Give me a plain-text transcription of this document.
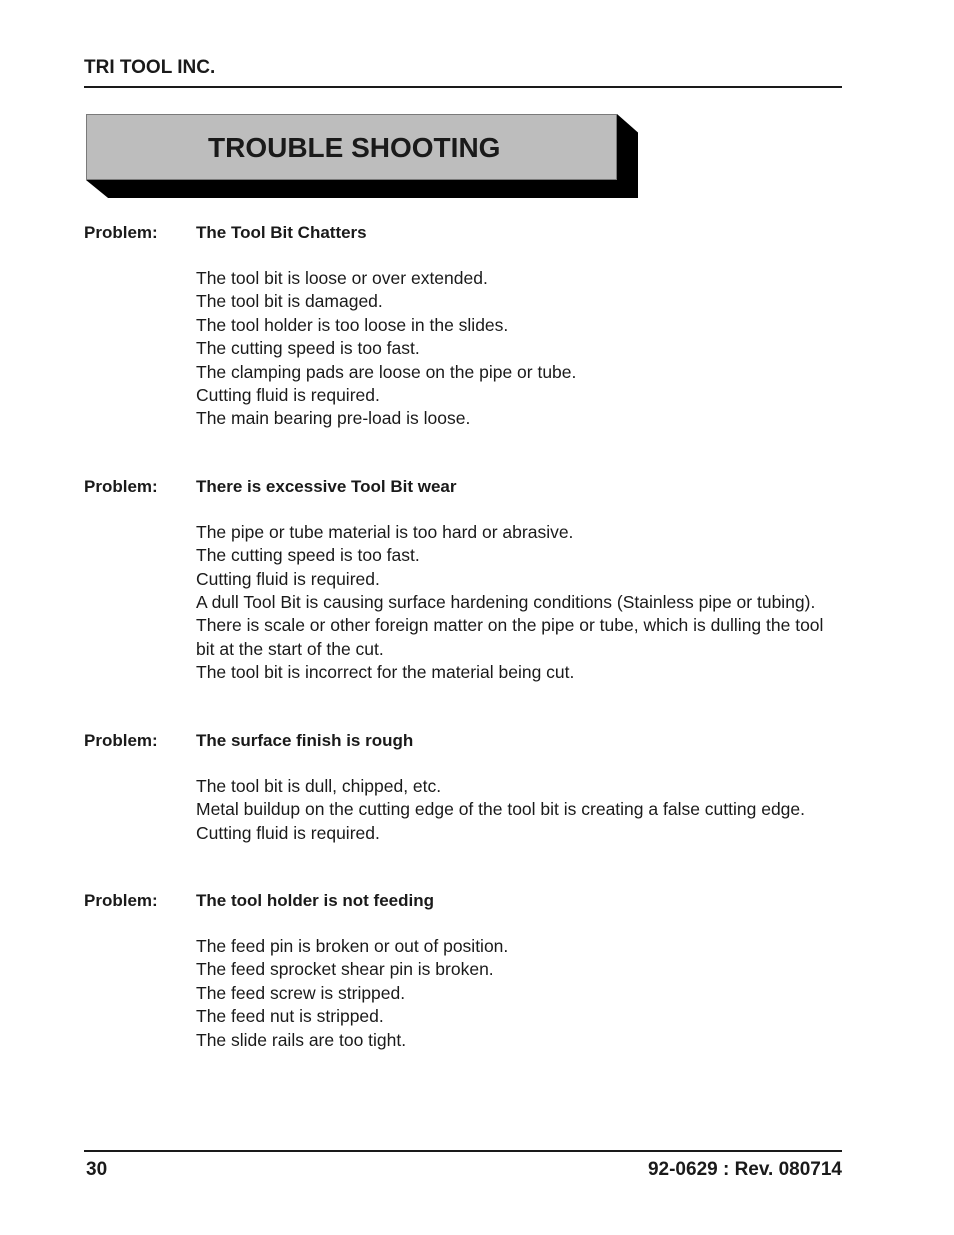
TRI TOOL INC.
TROUBLE SHOOTING
Problem: The Tool Bit Chatters
The tool bit is loose or over extended.
The tool bit is damaged.
The tool holder is too loose in the slides.
The cutting speed is too fast.
The clamping pads are loose on the pipe or tube.
Cutting fluid is required.
The main bearing pre-load is loose.
Problem: There is excessive Tool Bit wear
The pipe or tube material is too hard or abrasive.
The cutting speed is too fast.
Cutting fluid is required.
A dull Tool Bit is causing surface hardening conditions (Stainless pipe or tubing).
There is scale or other foreign matter on the pipe or tube, which is dulling the tool bit at the start of the cut.
The tool bit is incorrect for the material being cut.
Problem: The surface finish is rough
The tool bit is dull, chipped, etc.
Metal buildup on the cutting edge of the tool bit is creating a false cutting edge.
Cutting fluid is required.
Problem: The tool holder is not feeding
The feed pin is broken or out of position.
The feed sprocket shear pin is broken.
The feed screw is stripped.
The feed nut is stripped.
The slide rails are too tight.
30	92-0629 : Rev. 080714
